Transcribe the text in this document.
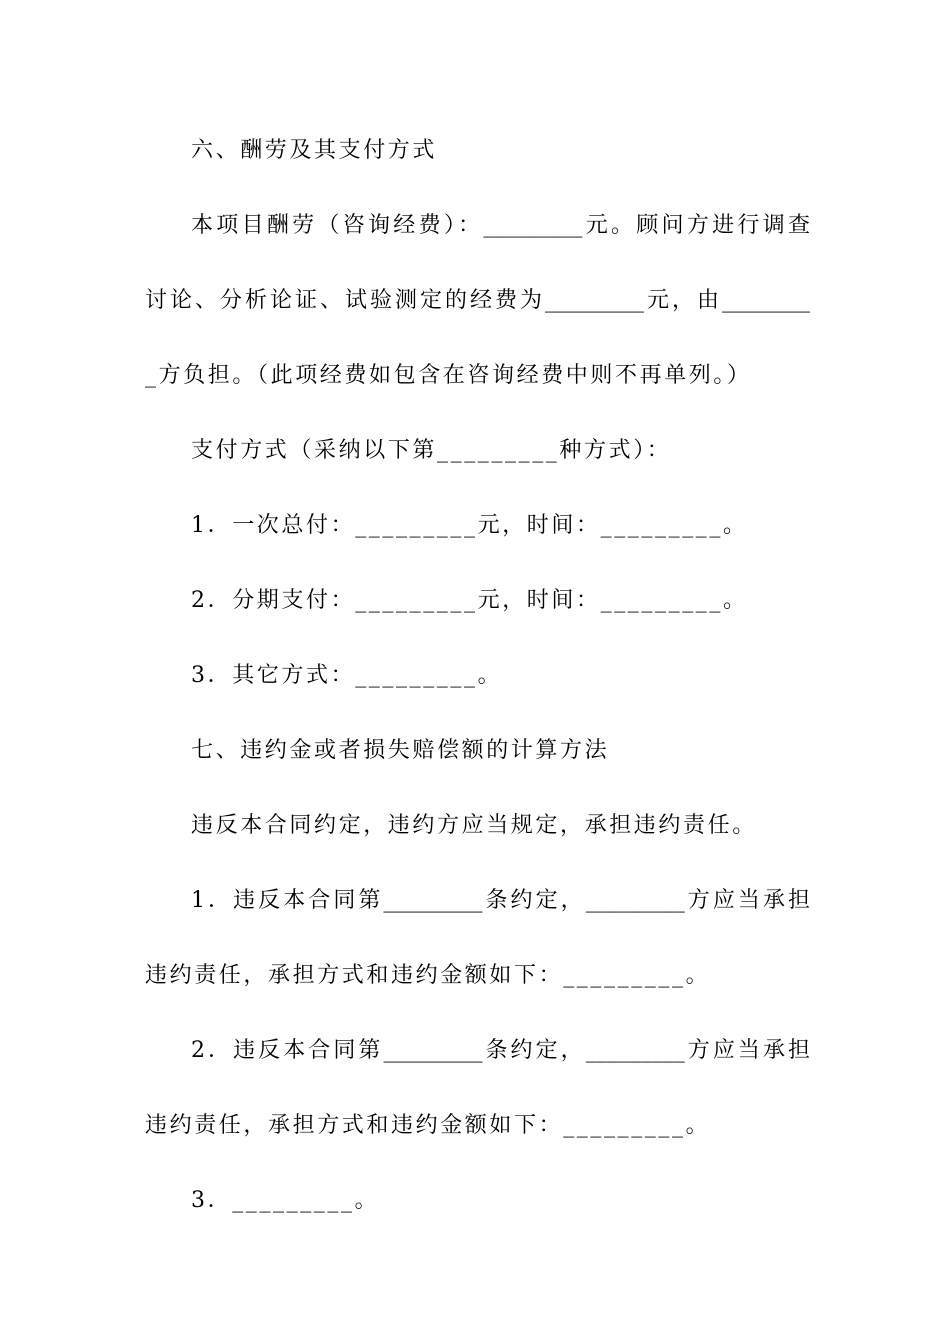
六、酬劳及其支付方式
本项目酬劳（咨询经费）：_________元。顾问方进行调查
讨论、分析论证、试验测定的经费为_________元，由________
_方负担。（此项经费如包含在咨询经费中则不再单列。）
支付方式（采纳以下第_________种方式）：
1．一次总付：_________元，时间：_________。
2．分期支付：_________元，时间：_________。
3．其它方式：_________。
七、违约金或者损失赔偿额的计算方法
违反本合同约定，违约方应当规定，承担违约责任。
1．违反本合同第_________条约定，_________方应当承担
违约责任，承担方式和违约金额如下：_________。
2．违反本合同第_________条约定，_________方应当承担
违约责任，承担方式和违约金额如下：_________。
3．_________。
